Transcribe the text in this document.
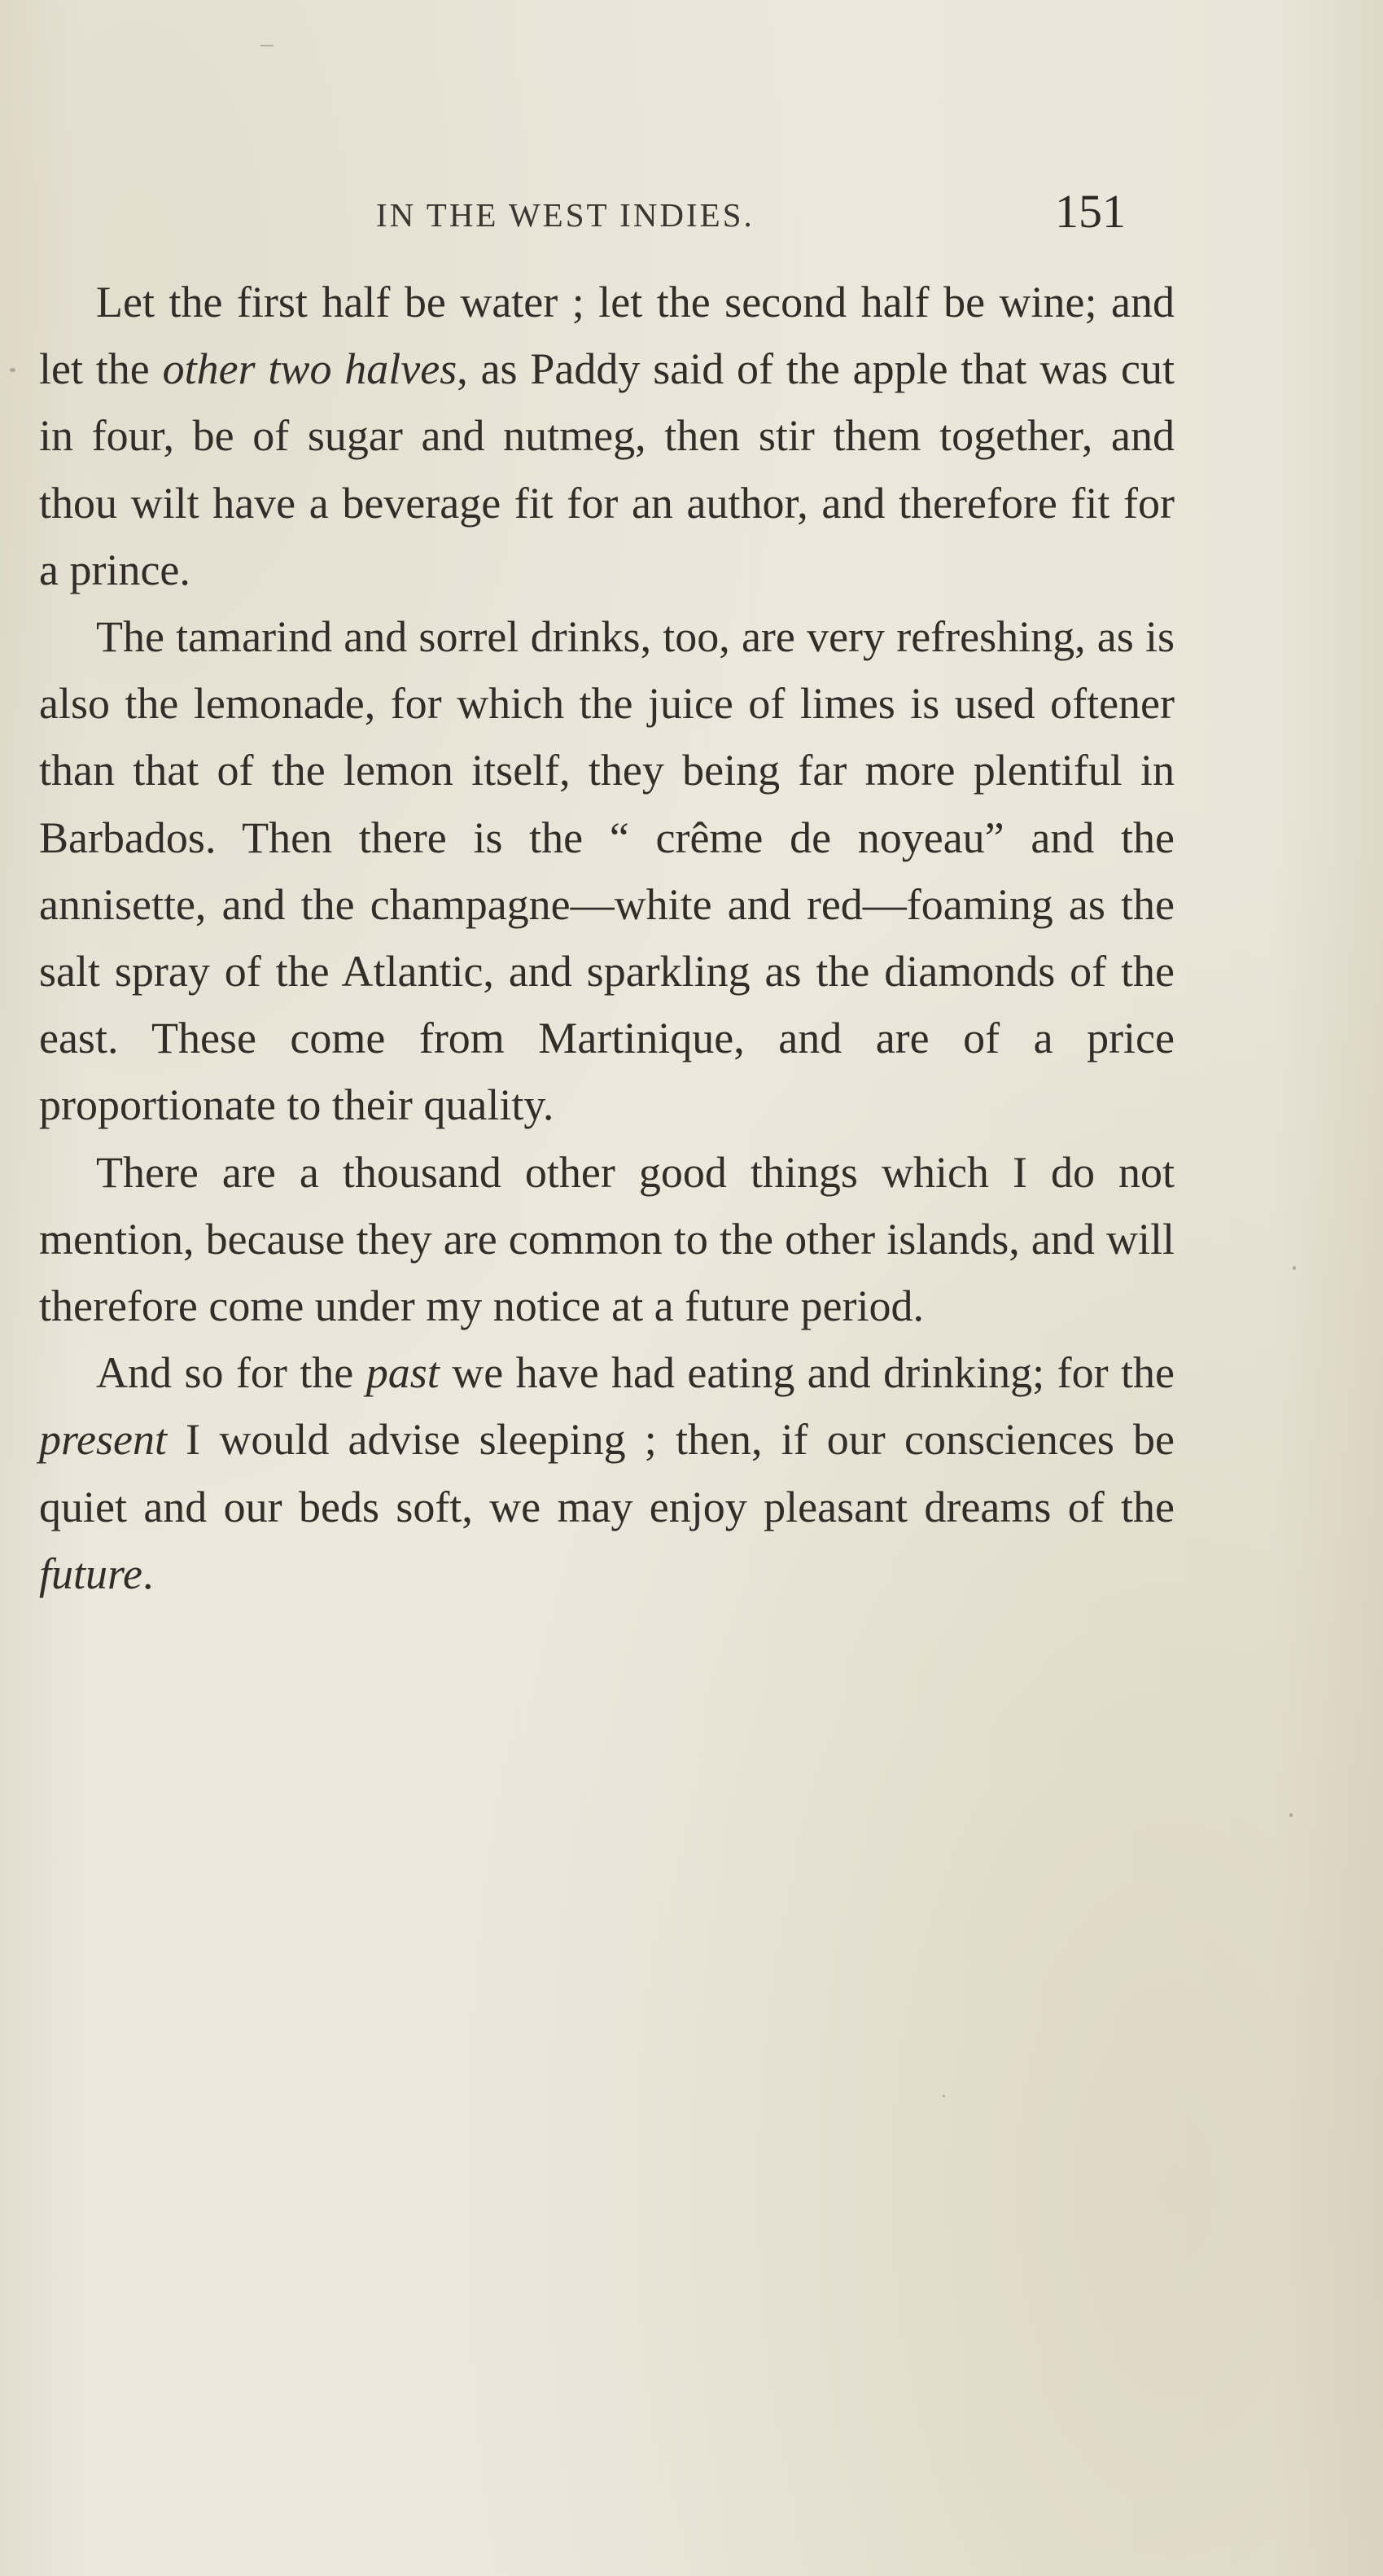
IN THE WEST INDIES.	151

Let the first half be water ; let the second half be wine; and let the other two halves, as Paddy said of the apple that was cut in four, be of sugar and nutmeg, then stir them together, and thou wilt have a beverage fit for an author, and therefore fit for a prince.

The tamarind and sorrel drinks, too, are very refreshing, as is also the lemonade, for which the juice of limes is used oftener than that of the lemon itself, they being far more plentiful in Barbados. Then there is the “ crême de noyeau” and the annisette, and the champagne—white and red—foaming as the salt spray of the Atlantic, and sparkling as the diamonds of the east. These come from Martinique, and are of a price proportionate to their quality.

There are a thousand other good things which I do not mention, because they are common to the other islands, and will therefore come under my notice at a future period.

And so for the past we have had eating and drinking; for the present I would advise sleeping ; then, if our consciences be quiet and our beds soft, we may enjoy pleasant dreams of the future.
